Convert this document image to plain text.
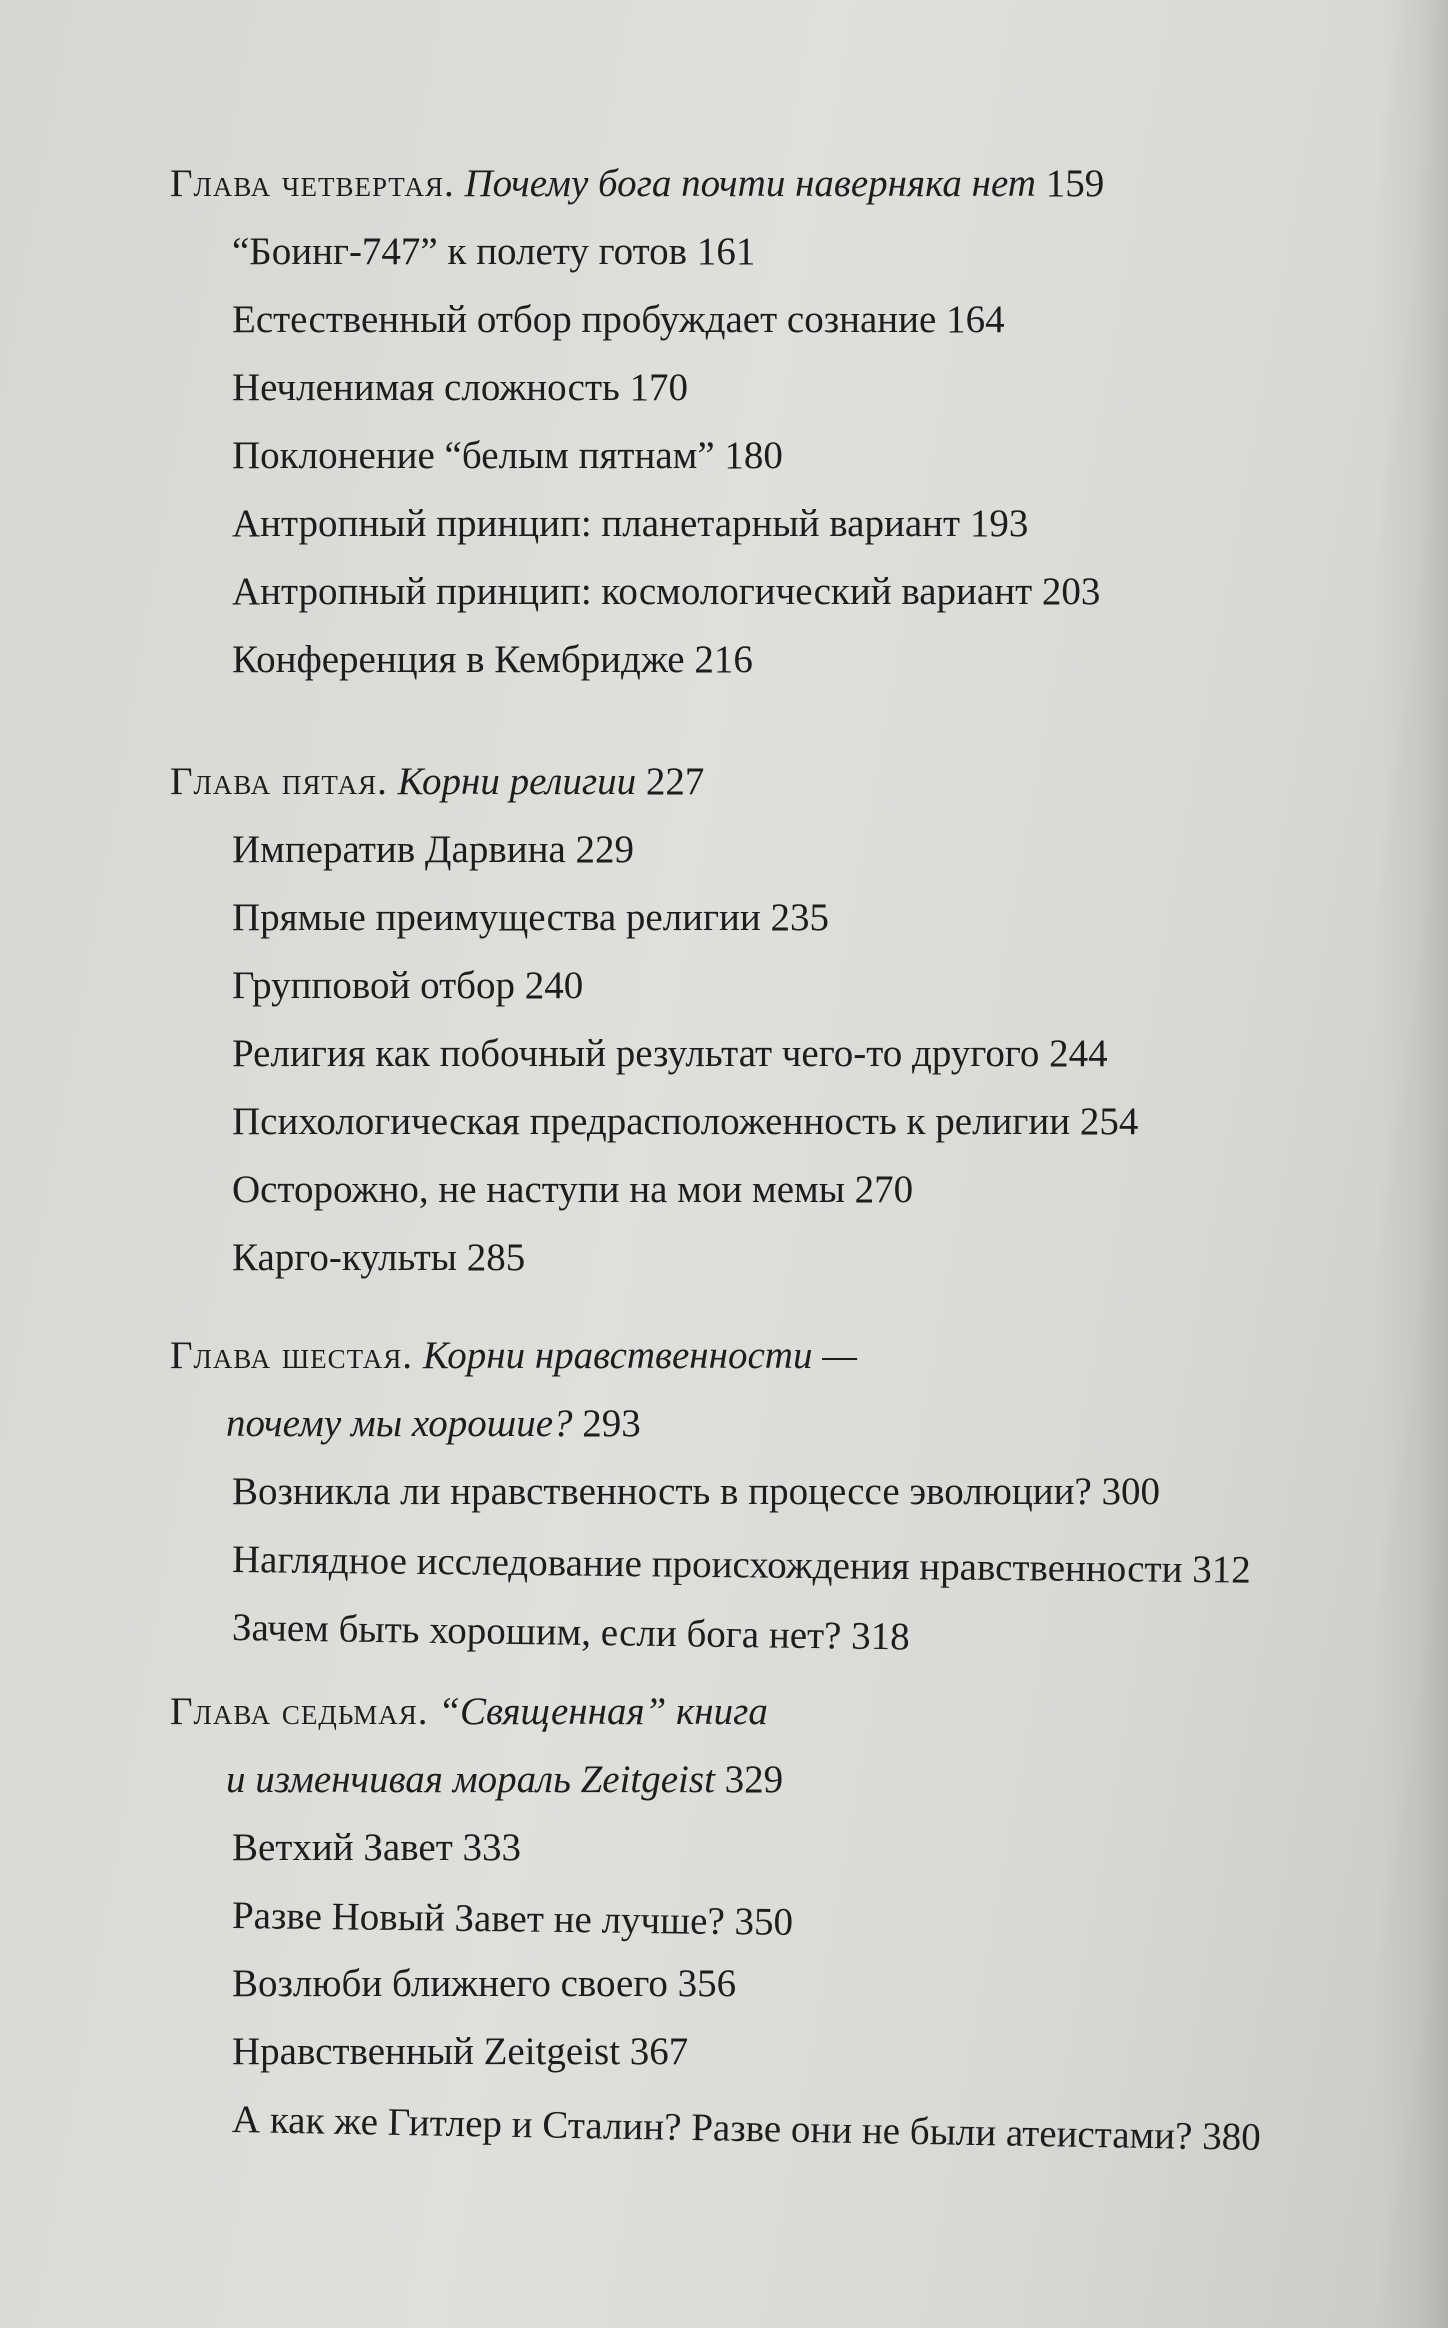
Глава четвертая. Почему бога почти наверняка нет 159
“Боинг-747” к полету готов 161
Естественный отбор пробуждает сознание 164
Нечленимая сложность 170
Поклонение “белым пятнам” 180
Антропный принцип: планетарный вариант 193
Антропный принцип: космологический вариант 203
Конференция в Кембридже 216
Глава пятая. Корни религии 227
Императив Дарвина 229
Прямые преимущества религии 235
Групповой отбор 240
Религия как побочный результат чего-то другого 244
Психологическая предрасположенность к религии 254
Осторожно, не наступи на мои мемы 270
Карго-культы 285
Глава шестая. Корни нравственности —
почему мы хорошие? 293
Возникла ли нравственность в процессе эволюции? 300
Наглядное исследование происхождения нравственности 312
Зачем быть хорошим, если бога нет? 318
Глава седьмая. “Священная” книга
и изменчивая мораль Zeitgeist 329
Ветхий Завет 333
Разве Новый Завет не лучше? 350
Возлюби ближнего своего 356
Нравственный Zeitgeist 367
А как же Гитлер и Сталин? Разве они не были атеистами? 380
